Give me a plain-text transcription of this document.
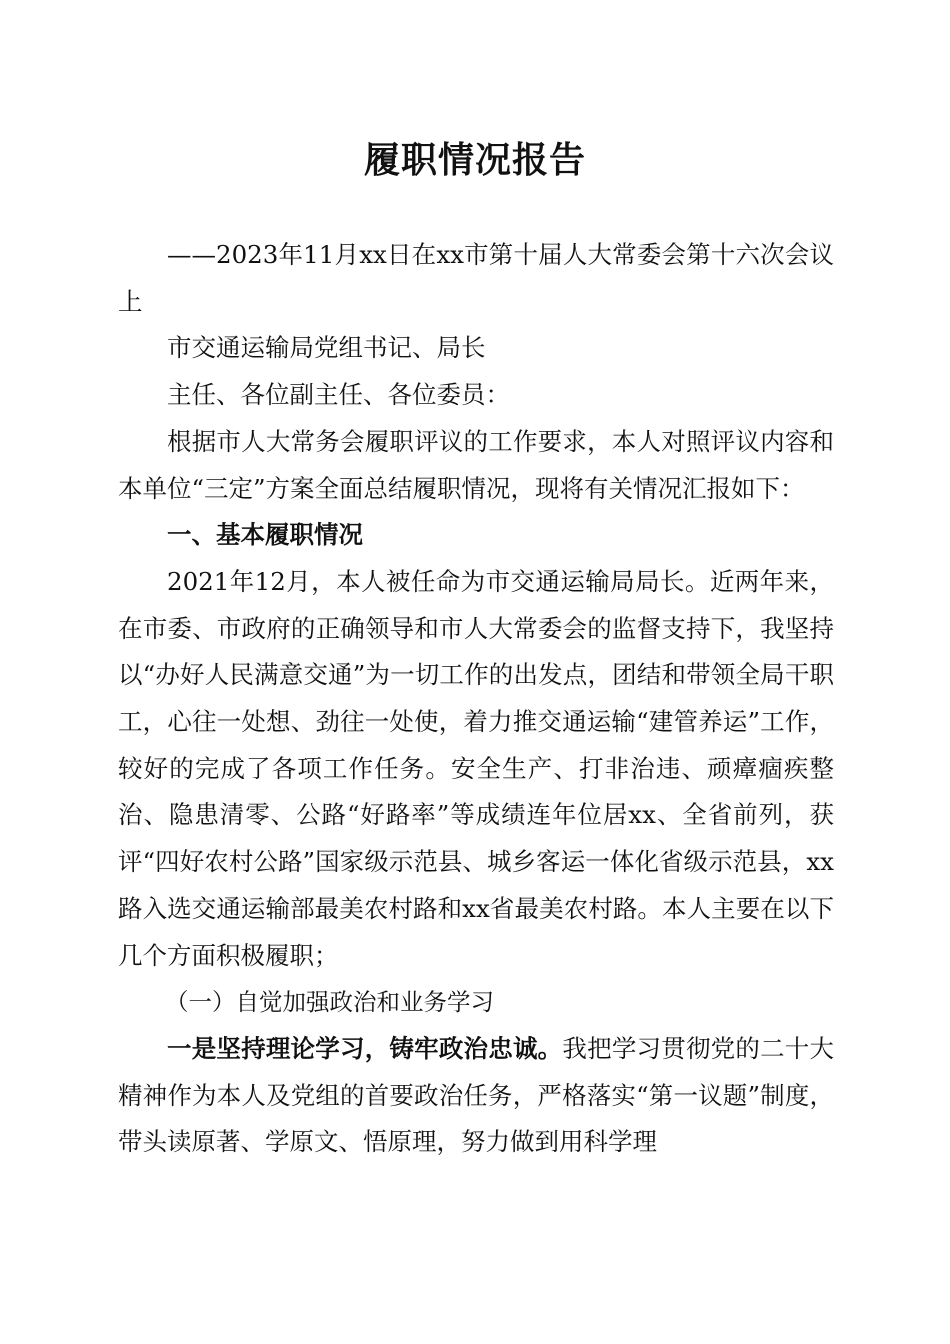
履职情况报告

——2023年11月xx日在xx市第十届人大常委会第十六次会议上

市交通运输局党组书记、局长

主任、各位副主任、各位委员：

根据市人大常务会履职评议的工作要求，本人对照评议内容和本单位“三定”方案全面总结履职情况，现将有关情况汇报如下：

一、基本履职情况

2021年12月，本人被任命为市交通运输局局长。近两年来，在市委、市政府的正确领导和市人大常委会的监督支持下，我坚持以“办好人民满意交通”为一切工作的出发点，团结和带领全局干职工，心往一处想、劲往一处使，着力推交通运输“建管养运”工作，较好的完成了各项工作任务。安全生产、打非治违、顽瘴痼疾整治、隐患清零、公路“好路率”等成绩连年位居xx、全省前列，获评“四好农村公路”国家级示范县、城乡客运一体化省级示范县，xx路入选交通运输部最美农村路和xx省最美农村路。本人主要在以下几个方面积极履职；

（一）自觉加强政治和业务学习

一是坚持理论学习，铸牢政治忠诚。我把学习贯彻党的二十大精神作为本人及党组的首要政治任务，严格落实“第一议题”制度，带头读原著、学原文、悟原理，努力做到用科学理
